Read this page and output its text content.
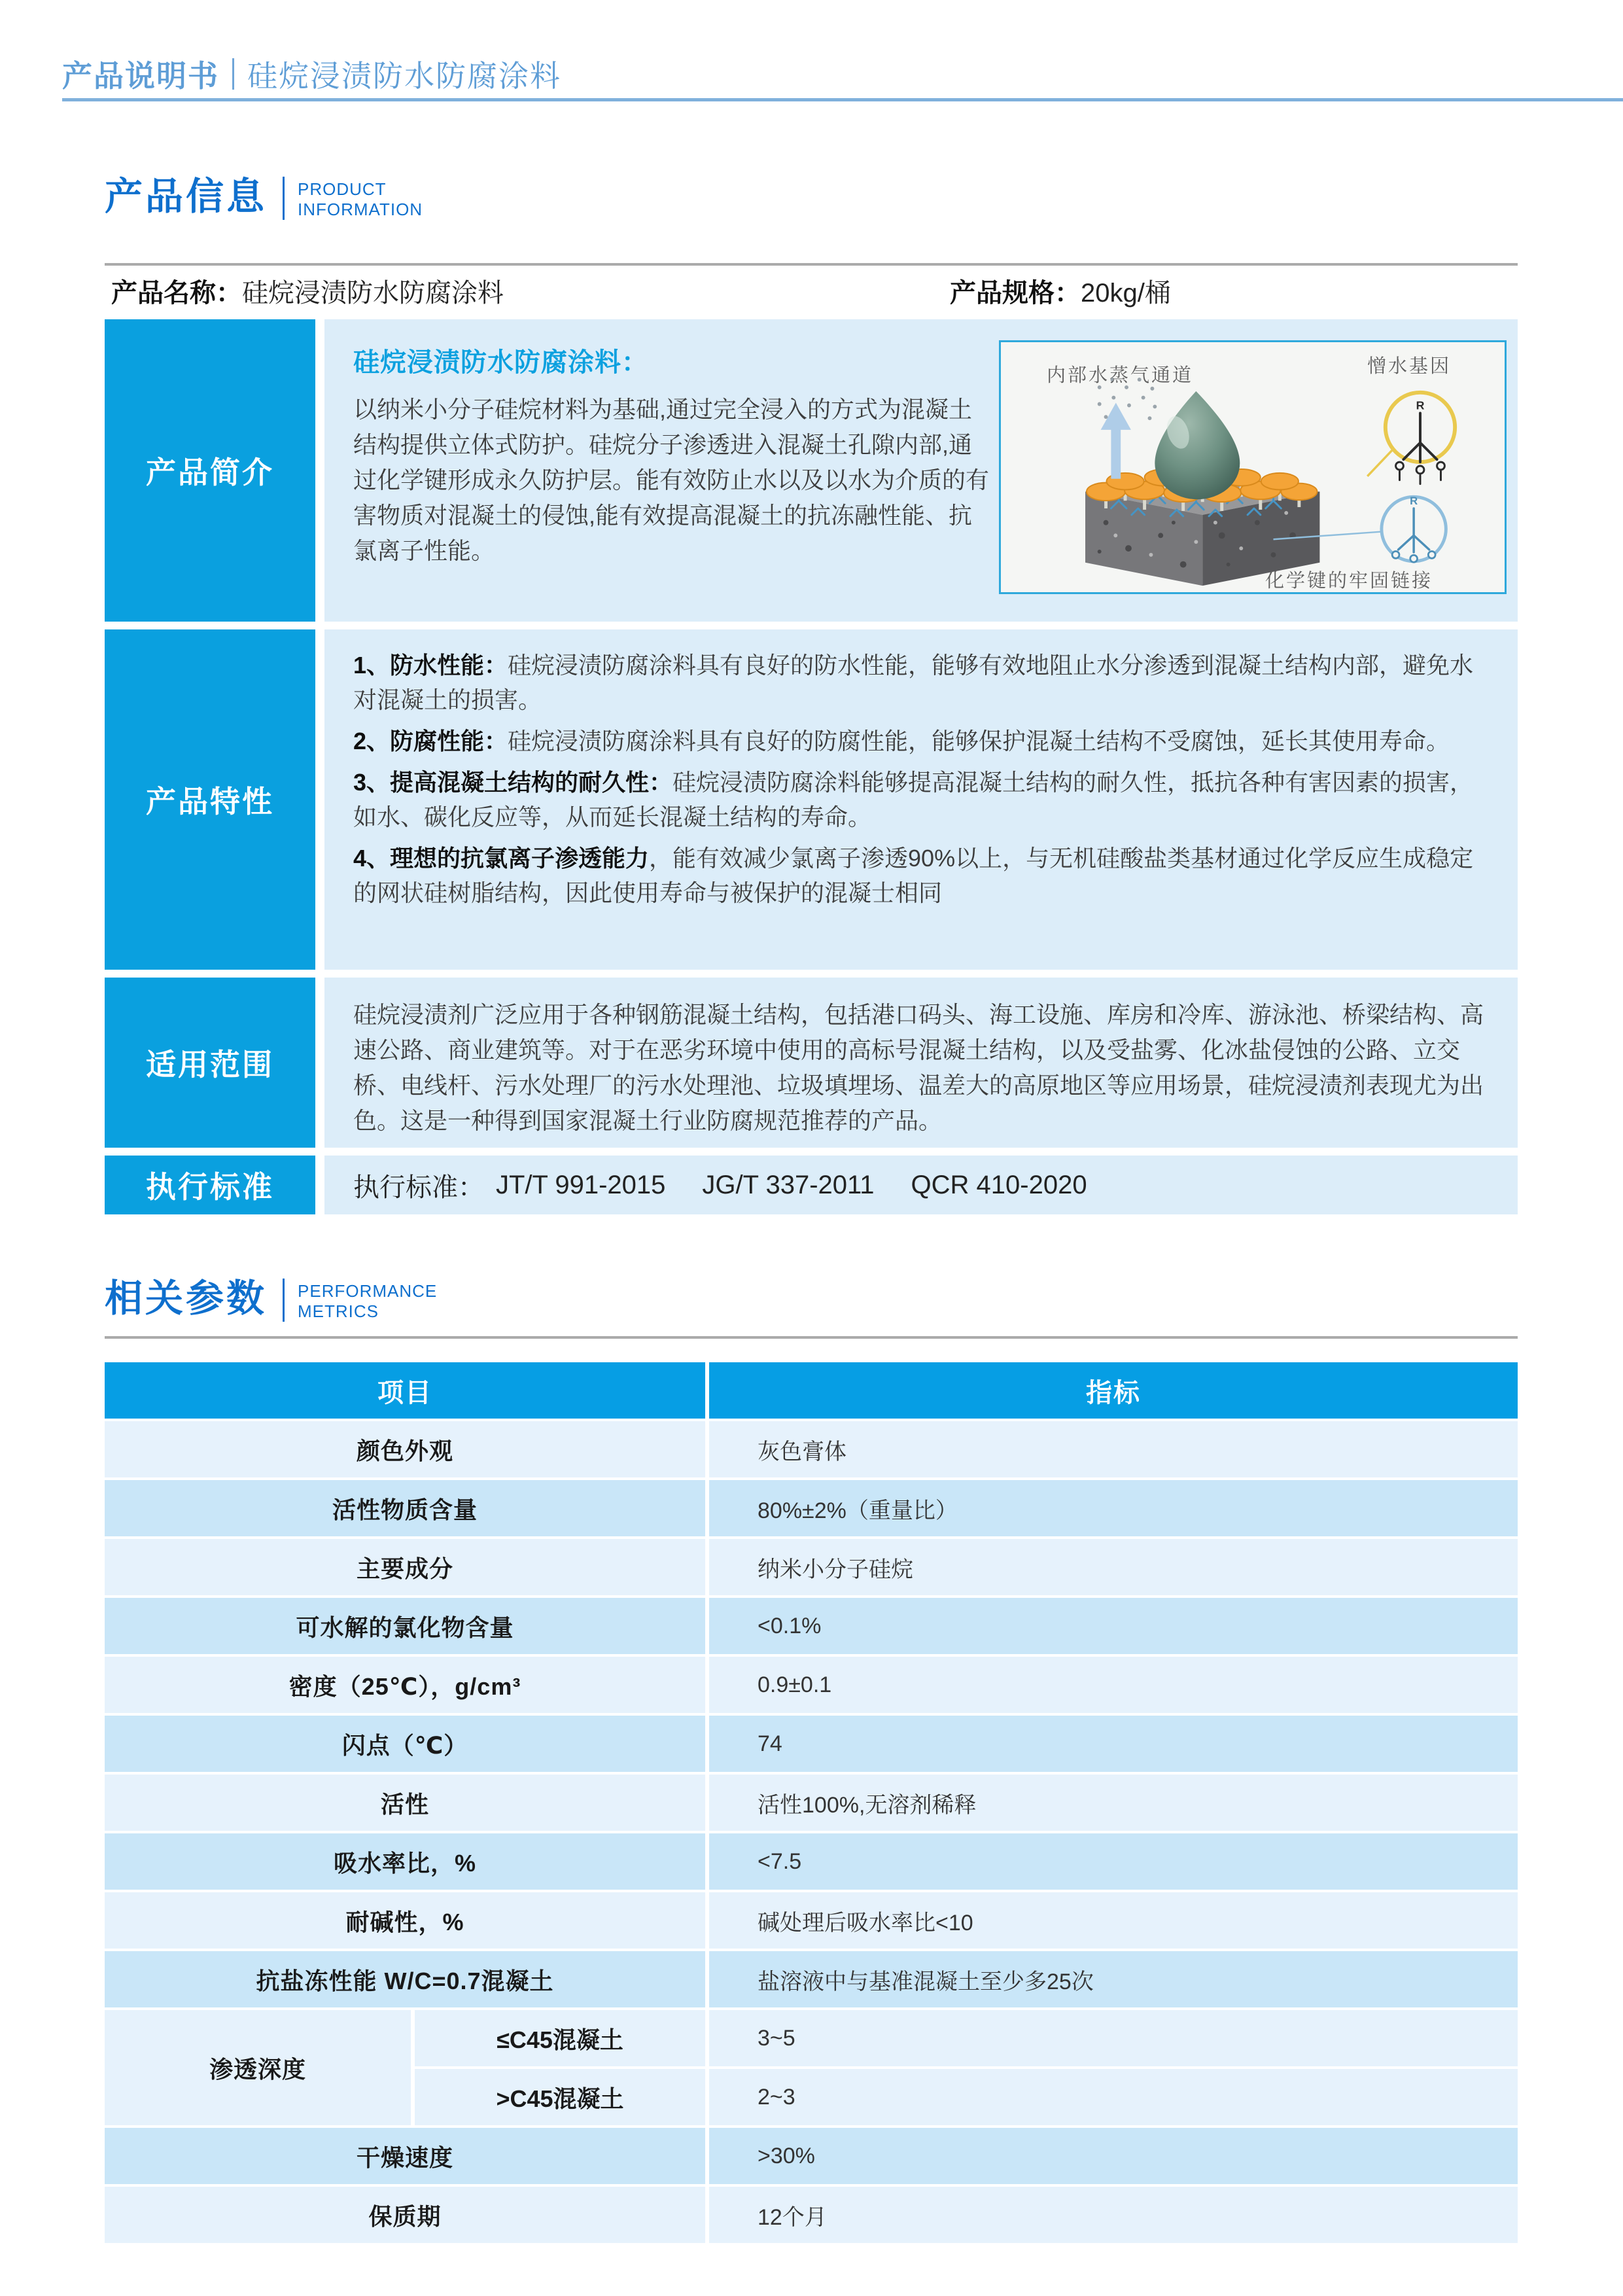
产品说明书 硅烷浸渍防水防腐涂料
产品信息 PRODUCT
INFORMATION
产品名称：硅烷浸渍防水防腐涂料	产品规格：20kg/桶
产品简介
硅烷浸渍防水防腐涂料：
以纳米小分子硅烷材料为基础,通过完全浸入的方式为混凝土结构提供立体式防护。硅烷分子渗透进入混凝土孔隙内部,通过化学键形成永久防护层。能有效防止水以及以水为介质的有害物质对混凝土的侵蚀,能有效提高混凝土的抗冻融性能、抗氯离子性能。
R
R
内部水蒸气通道	憎水基因
化学键的牢固链接
产品特性

1、防水性能：硅烷浸渍防腐涂料具有良好的防水性能，能够有效地阻止水分渗透到混凝土结构内部，避免水对混凝土的损害。

2、防腐性能：硅烷浸渍防腐涂料具有良好的防腐性能，能够保护混凝土结构不受腐蚀，延长其使用寿命。

3、提高混凝土结构的耐久性：硅烷浸渍防腐涂料能够提高混凝土结构的耐久性，抵抗各种有害因素的损害，如水、碳化反应等，从而延长混凝土结构的寿命。

4、理想的抗氯离子渗透能力，能有效减少氯离子渗透90%以上，与无机硅酸盐类基材通过化学反应生成稳定的网状硅树脂结构，因此使用寿命与被保护的混凝士相同

适用范围

硅烷浸渍剂广泛应用于各种钢筋混凝土结构，包括港口码头、海工设施、库房和冷库、游泳池、桥梁结构、高速公路、商业建筑等。对于在恶劣环境中使用的高标号混凝土结构，以及受盐雾、化冰盐侵蚀的公路、立交桥、电线杆、污水处理厂的污水处理池、垃圾填埋场、温差大的高原地区等应用场景，硅烷浸渍剂表现尤为出色。这是一种得到国家混凝土行业防腐规范推荐的产品。

执行标准	执行标准： JT/T 991-2015 JG/T 337-2011 QCR 410-2020
相关参数 PERFORMANCE
METRICS
项目	指标
颜色外观	灰色膏体
活性物质含量	80%±2%（重量比）
主要成分	纳米小分子硅烷
可水解的氯化物含量	<0.1%
密度（25℃），g/cm³	0.9±0.1
闪点（℃）	74
活性	活性100%,无溶剂稀释
吸水率比，%	<7.5
耐碱性，%	碱处理后吸水率比<10
抗盐冻性能 W/C=0.7混凝土	盐溶液中与基准混凝土至少多25次
渗透深度
≤C45混凝土	3~5
>C45混凝土	2~3
干燥速度	>30%
保质期	12个月
